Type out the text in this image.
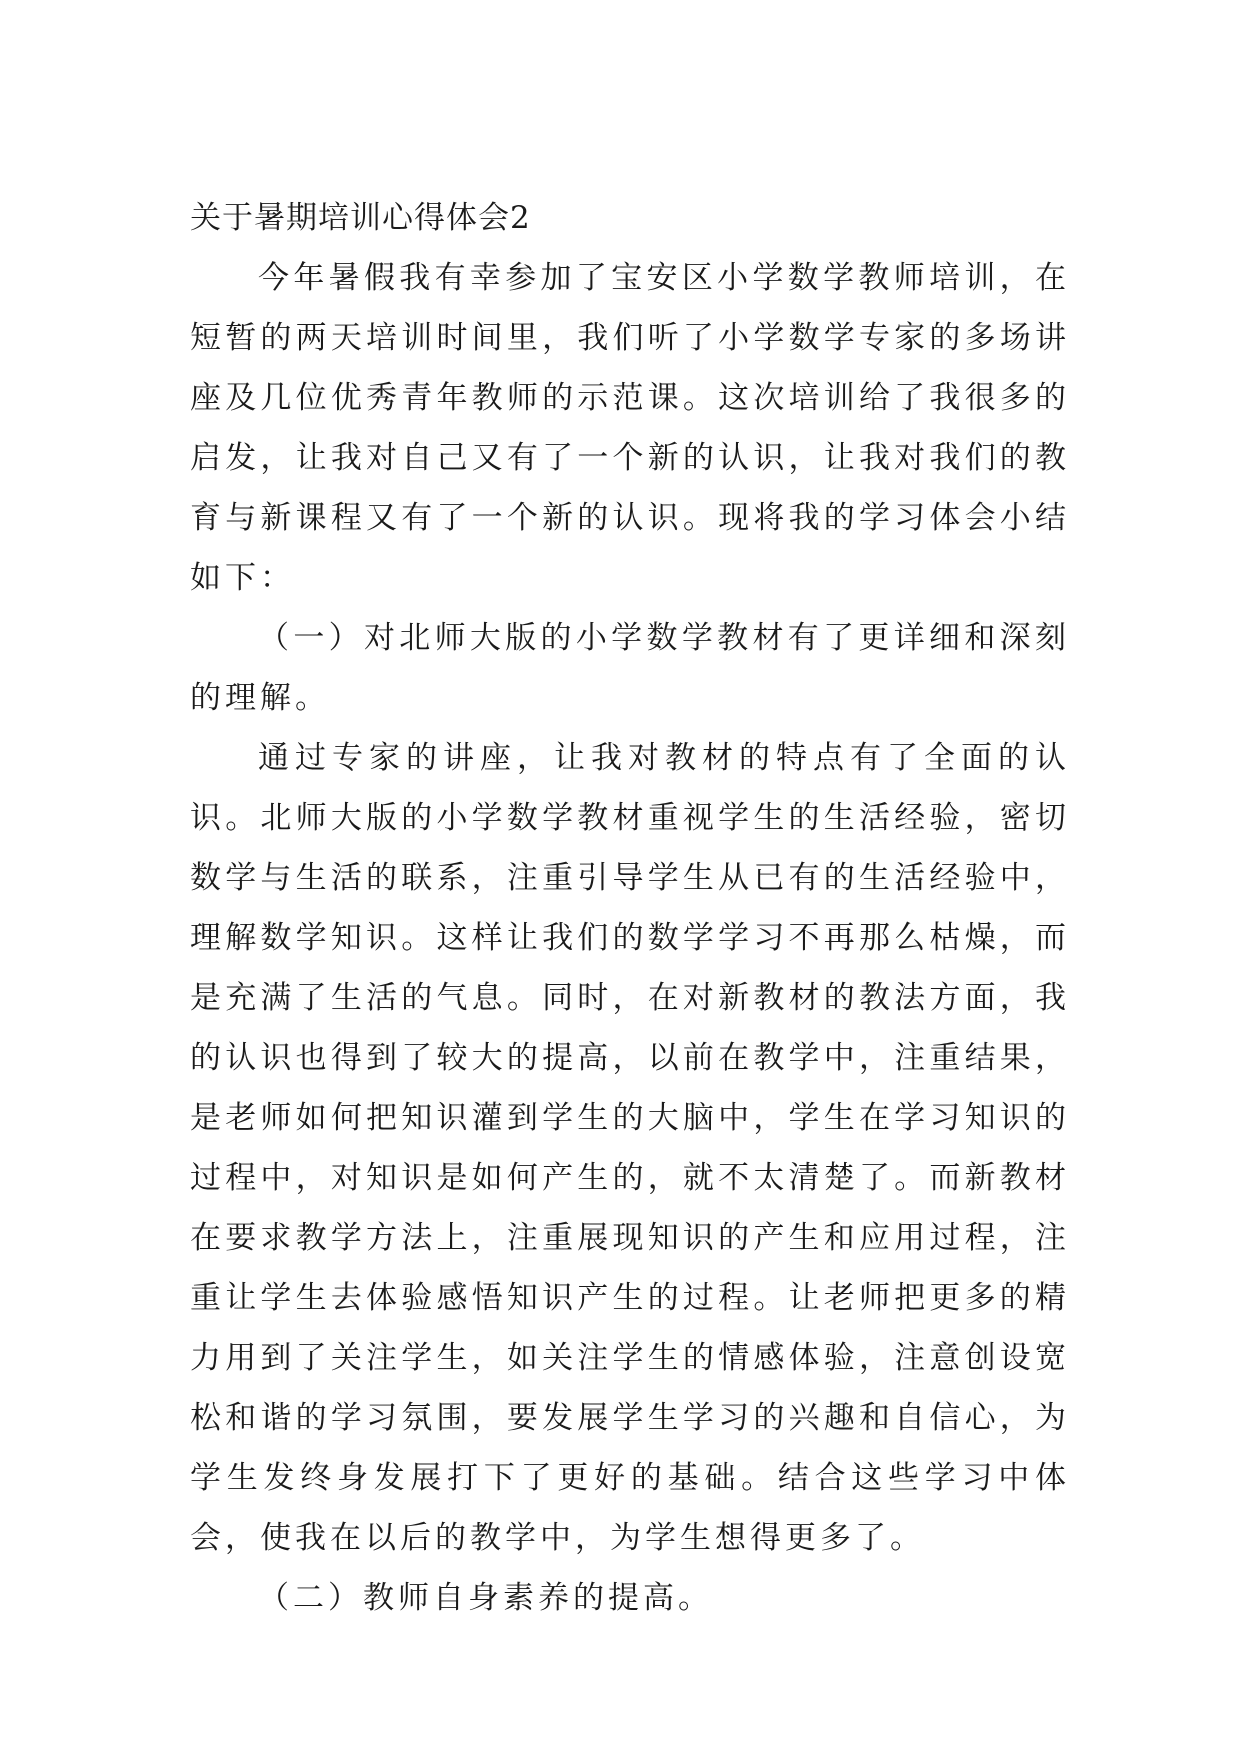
关于暑期培训心得体会2

今年暑假我有幸参加了宝安区小学数学教师培训，在短暂的两天培训时间里，我们听了小学数学专家的多场讲座及几位优秀青年教师的示范课。这次培训给了我很多的启发，让我对自己又有了一个新的认识，让我对我们的教育与新课程又有了一个新的认识。现将我的学习体会小结如下：

（一）对北师大版的小学数学教材有了更详细和深刻的理解。

通过专家的讲座，让我对教材的特点有了全面的认识。北师大版的小学数学教材重视学生的生活经验，密切数学与生活的联系，注重引导学生从已有的生活经验中，理解数学知识。这样让我们的数学学习不再那么枯燥，而是充满了生活的气息。同时，在对新教材的教法方面，我的认识也得到了较大的提高，以前在教学中，注重结果，是老师如何把知识灌到学生的大脑中，学生在学习知识的过程中，对知识是如何产生的，就不太清楚了。而新教材在要求教学方法上，注重展现知识的产生和应用过程，注重让学生去体验感悟知识产生的过程。让老师把更多的精力用到了关注学生，如关注学生的情感体验，注意创设宽松和谐的学习氛围，要发展学生学习的兴趣和自信心，为学生发终身发展打下了更好的基础。结合这些学习中体会，使我在以后的教学中，为学生想得更多了。

（二）教师自身素养的提高。
